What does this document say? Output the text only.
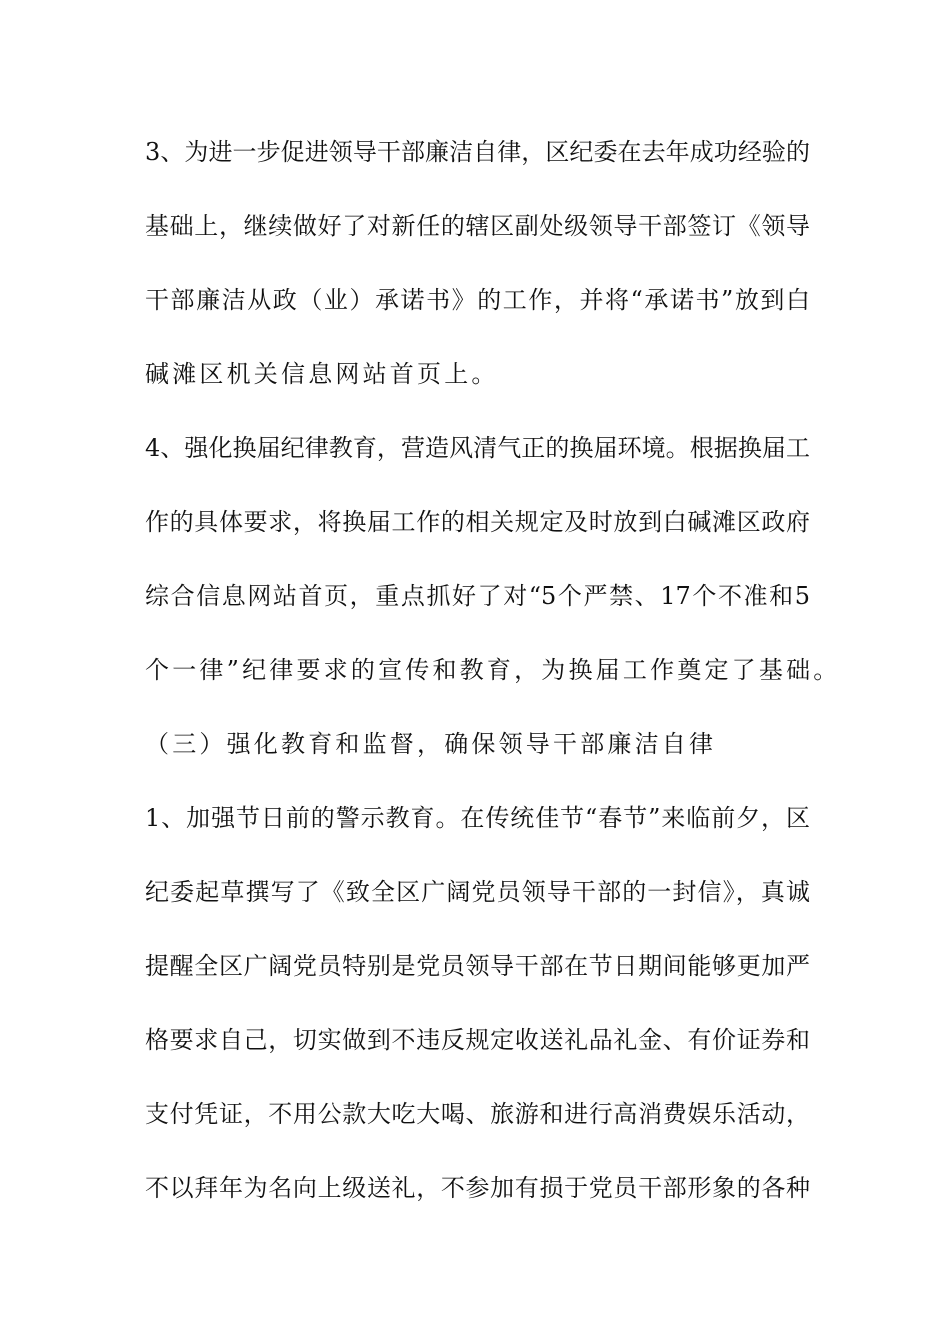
3、为进一步促进领导干部廉洁自律，区纪委在去年成功经验的
基础上，继续做好了对新任的辖区副处级领导干部签订《领导
干部廉洁从政（业）承诺书》的工作，并将“承诺书”放到白
碱滩区机关信息网站首页上。
4、强化换届纪律教育，营造风清气正的换届环境。根据换届工
作的具体要求，将换届工作的相关规定及时放到白碱滩区政府
综合信息网站首页，重点抓好了对“5个严禁、17个不准和5
个一律”纪律要求的宣传和教育，为换届工作奠定了基础。
（三）强化教育和监督，确保领导干部廉洁自律
1、加强节日前的警示教育。在传统佳节“春节”来临前夕，区
纪委起草撰写了《致全区广阔党员领导干部的一封信》，真诚
提醒全区广阔党员特别是党员领导干部在节日期间能够更加严
格要求自己，切实做到不违反规定收送礼品礼金、有价证券和
支付凭证，不用公款大吃大喝、旅游和进行高消费娱乐活动，
不以拜年为名向上级送礼，不参加有损于党员干部形象的各种
